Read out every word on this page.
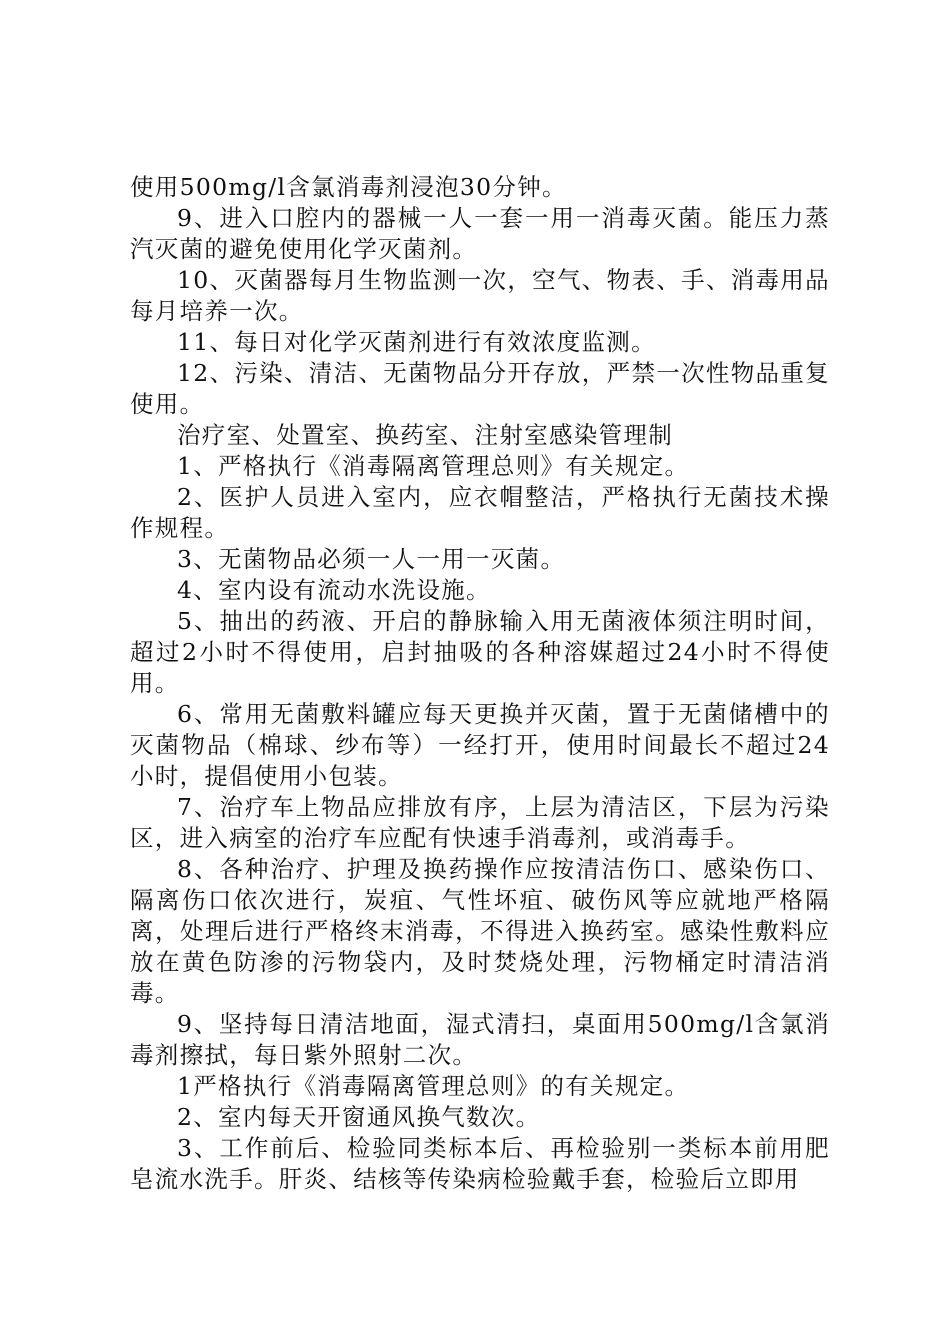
使用500mg/l含氯消毒剂浸泡30分钟。

9、进入口腔内的器械一人一套一用一消毒灭菌。能压力蒸汽灭菌的避免使用化学灭菌剂。

10、灭菌器每月生物监测一次，空气、物表、手、消毒用品每月培养一次。

11、每日对化学灭菌剂进行有效浓度监测。

12、污染、清洁、无菌物品分开存放，严禁一次性物品重复使用。

治疗室、处置室、换药室、注射室感染管理制

1、严格执行《消毒隔离管理总则》有关规定。

2、医护人员进入室内，应衣帽整洁，严格执行无菌技术操作规程。

3、无菌物品必须一人一用一灭菌。

4、室内设有流动水洗设施。

5、抽出的药液、开启的静脉输入用无菌液体须注明时间，超过2小时不得使用，启封抽吸的各种溶媒超过24小时不得使用。

6、常用无菌敷料罐应每天更换并灭菌，置于无菌储槽中的灭菌物品（棉球、纱布等）一经打开，使用时间最长不超过24小时，提倡使用小包装。

7、治疗车上物品应排放有序，上层为清洁区，下层为污染区，进入病室的治疗车应配有快速手消毒剂，或消毒手。

8、各种治疗、护理及换药操作应按清洁伤口、感染伤口、隔离伤口依次进行，炭疽、气性坏疽、破伤风等应就地严格隔离，处理后进行严格终末消毒，不得进入换药室。感染性敷料应放在黄色防渗的污物袋内，及时焚烧处理，污物桶定时清洁消毒。

9、坚持每日清洁地面，湿式清扫，桌面用500mg/l含氯消毒剂擦拭，每日紫外照射二次。

1严格执行《消毒隔离管理总则》的有关规定。

2、室内每天开窗通风换气数次。

3、工作前后、检验同类标本后、再检验别一类标本前用肥皂流水洗手。肝炎、结核等传染病检验戴手套，检验后立即用
